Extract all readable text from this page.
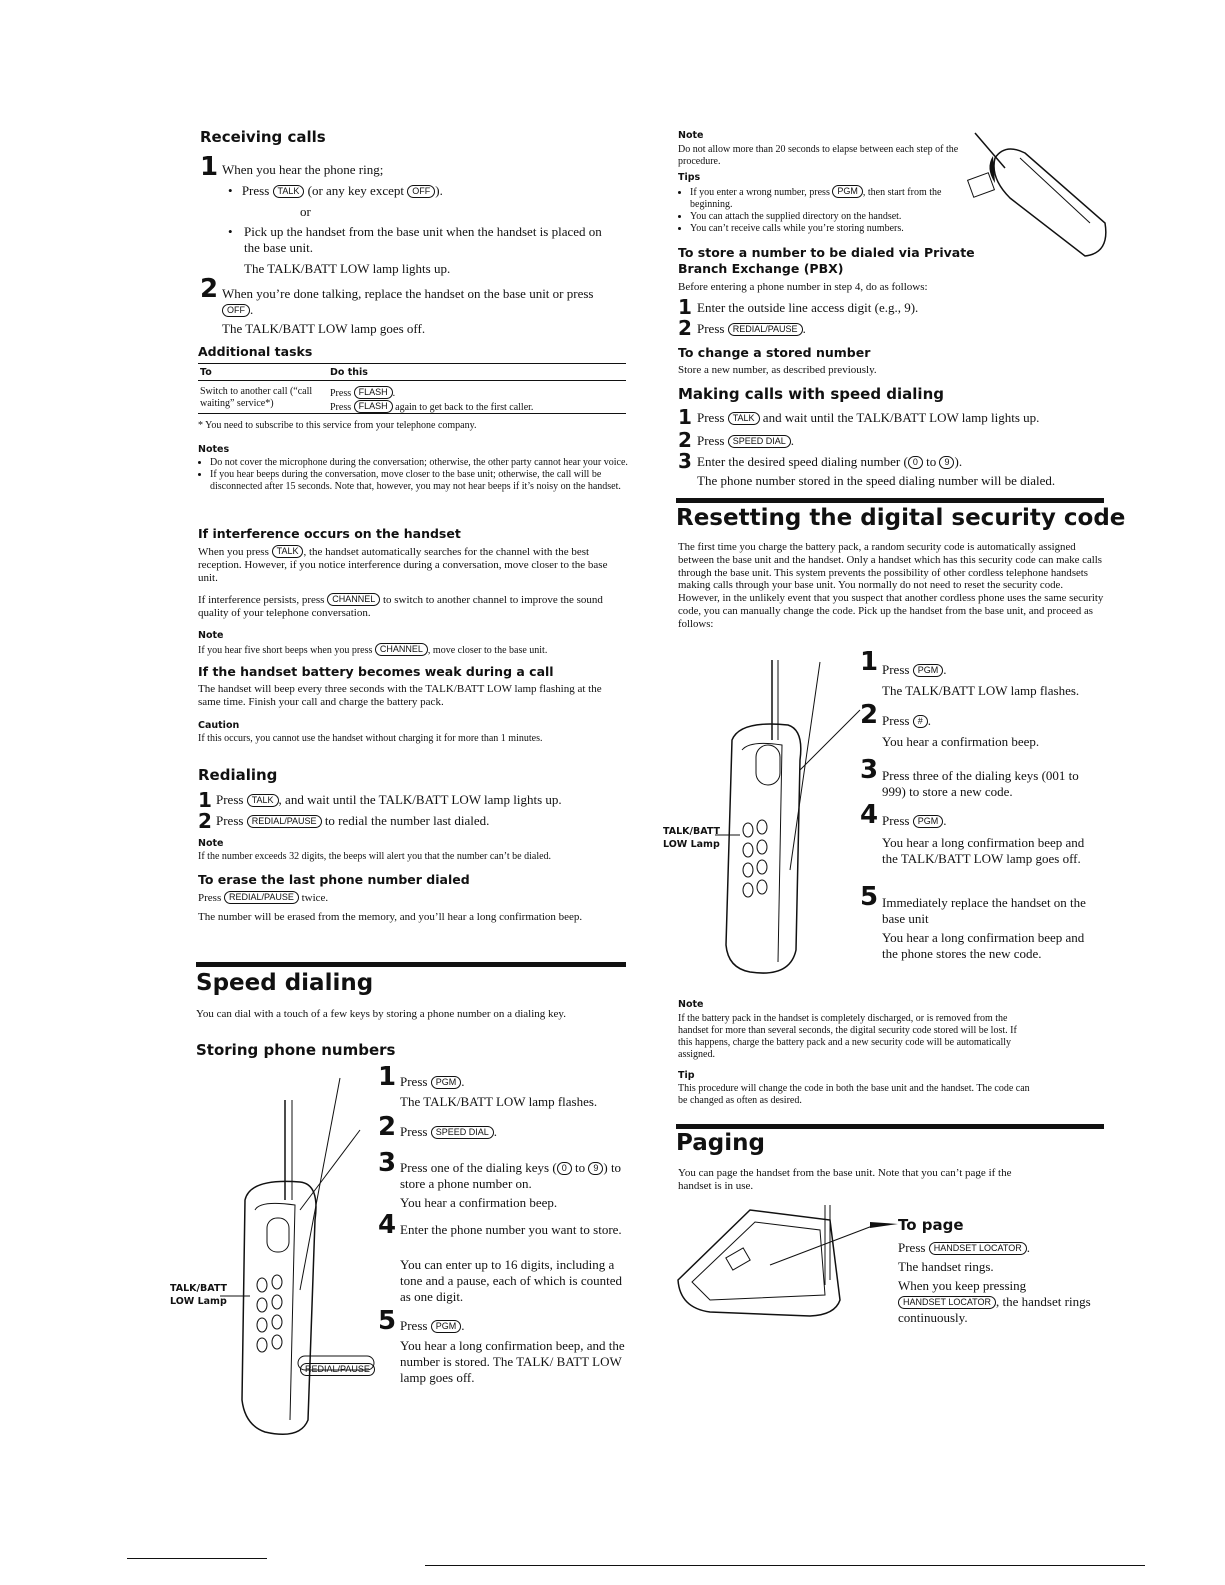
Receiving calls
1 When you hear the phone ring;
• Press TALK (or any key except OFF ).
or
• Pick up the handset from the base unit when the handset is placed on the base unit.

The TALK/BATT LOW lamp lights up.
2 When you’re done talking, replace the handset on the base unit or press OFF .
The TALK/BATT LOW lamp goes off.
Additional tasks
To	Do this
Switch to another call (“call waiting” service*)
Press FLASH .
Press FLASH again to get back to the first caller.
* You need to subscribe to this service from your telephone company.
Notes
• Do not cover the microphone during the conversation; otherwise, the other party cannot hear your voice.
• If you hear beeps during the conversation, move closer to the base unit; otherwise, the call will be disconnected after 15 seconds. Note that, however, you may not hear beeps if it’s noisy on the handset.
If interference occurs on the handset
When you press TALK , the handset automatically searches for the channel with the best reception. However, if you notice interference during a conversation, move closer to the base unit.
If interference persists, press CHANNEL to switch to another channel to improve the sound quality of your telephone conversation.
Note
If you hear five short beeps when you press CHANNEL , move closer to the base unit.
If the handset battery becomes weak during a call
The handset will beep every three seconds with the TALK/BATT LOW lamp flashing at the same time. Finish your call and charge the battery pack.
Caution
If this occurs, you cannot use the handset without charging it for more than 1 minutes.
Redialing
1 Press TALK , and wait until the TALK/BATT LOW lamp lights up.
2 Press REDIAL/PAUSE to redial the number last dialed.
Note
If the number exceeds 32 digits, the beeps will alert you that the number can’t be dialed.
To erase the last phone number dialed
Press REDIAL/PAUSE twice.
The number will be erased from the memory, and you’ll hear a long confirmation beep.
Speed dialing
You can dial with a touch of a few keys by storing a phone number on a dialing key.
Storing phone numbers
TALK/BATT
LOW Lamp
REDIAL/PAUSE
1 Press PGM .
The TALK/BATT LOW lamp flashes.
2 Press SPEED DIAL .
3 Press one of the dialing keys ( 0 to 9 ) to store a phone number on.
You hear a confirmation beep.
4 Enter the phone number you want to store.
You can enter up to 16 digits, including a tone and a pause, each of which is counted as one digit.
5 Press PGM .
You hear a long confirmation beep, and the number is stored. The TALK/ BATT LOW lamp goes off.
Note
Do not allow more than 20 seconds to elapse between each step of the procedure.
Tips
• If you enter a wrong number, press PGM , then start from the beginning.
• You can attach the supplied directory on the handset.
• You can’t receive calls while you’re storing numbers.
To store a number to be dialed via Private Branch Exchange (PBX)
Before entering a phone number in step 4, do as follows:
1 Enter the outside line access digit (e.g., 9).
2 Press REDIAL/PAUSE .
To change a stored number
Store a new number, as described previously.
Making calls with speed dialing
1 Press TALK and wait until the TALK/BATT LOW lamp lights up.
2 Press SPEED DIAL .
3 Enter the desired speed dialing number ( 0 to 9 ).
The phone number stored in the speed dialing number will be dialed.
Resetting the digital security code
The first time you charge the battery pack, a random security code is automatically assigned between the base unit and the handset. Only a handset which has this security code can make calls through the base unit. This system prevents the possibility of other cordless telephone handsets making calls through your base unit. You normally do not need to reset the security code. However, in the unlikely event that you suspect that another cordless phone uses the same security code, you can manually change the code. Pick up the handset from the base unit, and proceed as follows:
TALK/BATT
LOW Lamp
1 Press PGM .
The TALK/BATT LOW lamp flashes.
2 Press # .
You hear a confirmation beep.
3 Press three of the dialing keys (001 to 999) to store a new code.
4 Press PGM .
You hear a long confirmation beep and the TALK/BATT LOW lamp goes off.
5 Immediately replace the handset on the base unit
You hear a long confirmation beep and the phone stores the new code.
Note
If the battery pack in the handset is completely discharged, or is removed from the handset for more than several seconds, the digital security code stored will be lost. If this happens, charge the battery pack and a new security code will be automatically assigned.
Tip
This procedure will change the code in both the base unit and the handset. The code can be changed as often as desired.
Paging
You can page the handset from the base unit. Note that you can’t page if the handset is in use.
To page
Press HANDSET LOCATOR .
The handset rings.
When you keep pressing HANDSET LOCATOR , the handset rings continuously.
